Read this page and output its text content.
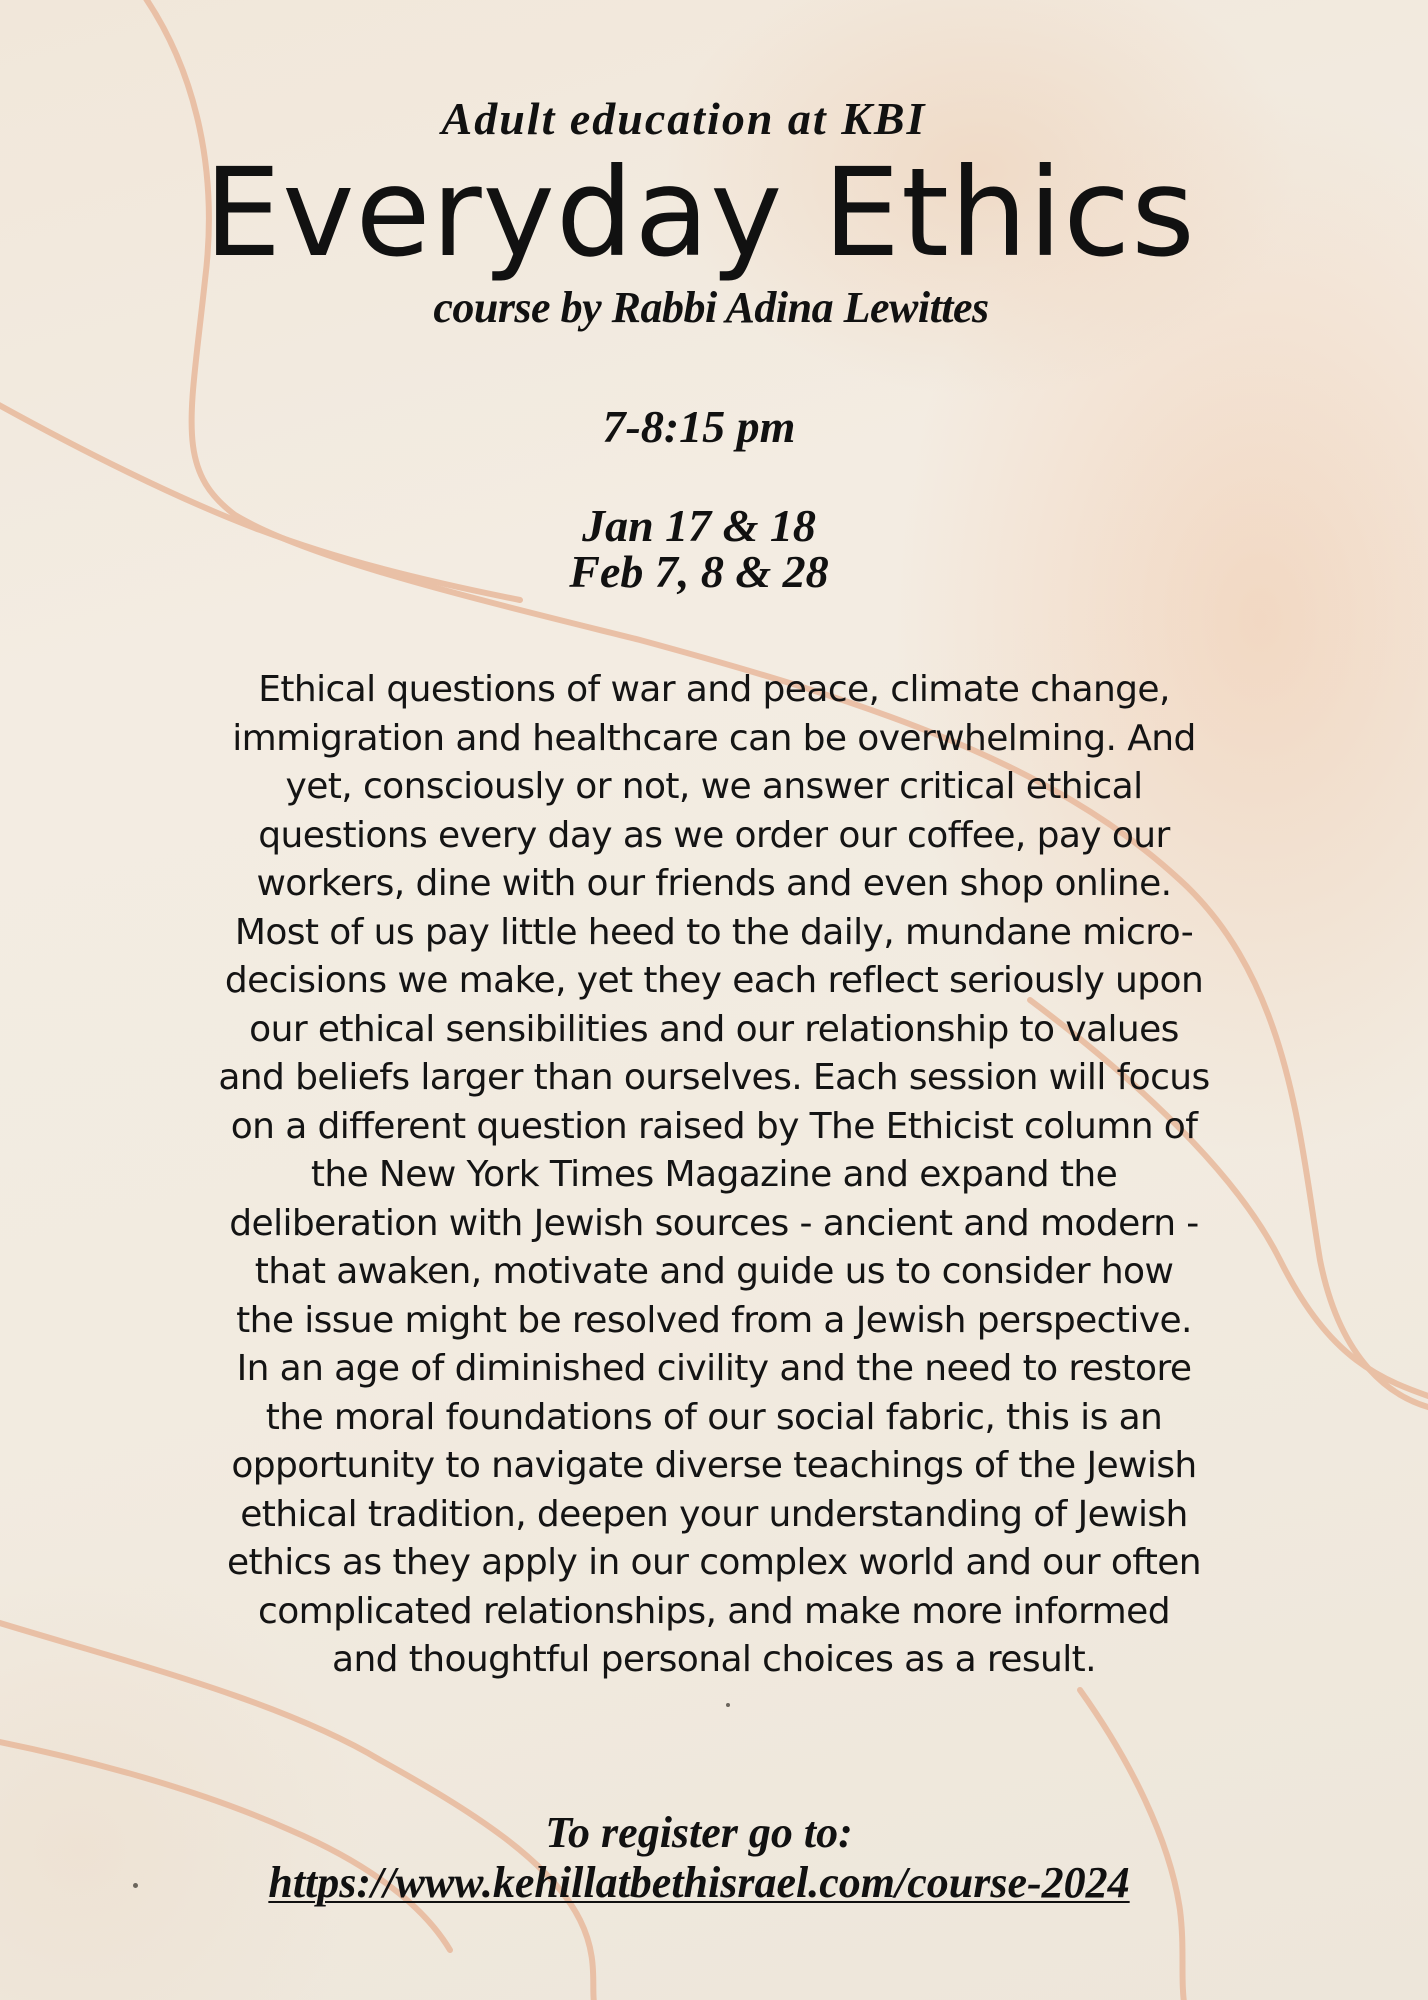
Adult education at KBI
Everyday Ethics
course by Rabbi Adina Lewittes
7-8:15 pm
Jan 17 & 18
Feb 7, 8 & 28
Ethical questions of war and peace, climate change,
immigration and healthcare can be overwhelming. And
yet, consciously or not, we answer critical ethical
questions every day as we order our coffee, pay our
workers, dine with our friends and even shop online.
Most of us pay little heed to the daily, mundane micro-
decisions we make, yet they each reflect seriously upon
our ethical sensibilities and our relationship to values
and beliefs larger than ourselves. Each session will focus
on a different question raised by The Ethicist column of
the New York Times Magazine and expand the
deliberation with Jewish sources - ancient and modern -
that awaken, motivate and guide us to consider how
the issue might be resolved from a Jewish perspective.
In an age of diminished civility and the need to restore
the moral foundations of our social fabric, this is an
opportunity to navigate diverse teachings of the Jewish
ethical tradition, deepen your understanding of Jewish
ethics as they apply in our complex world and our often
complicated relationships, and make more informed
and thoughtful personal choices as a result.
To register go to:
https://www.kehillatbethisrael.com/course-2024
